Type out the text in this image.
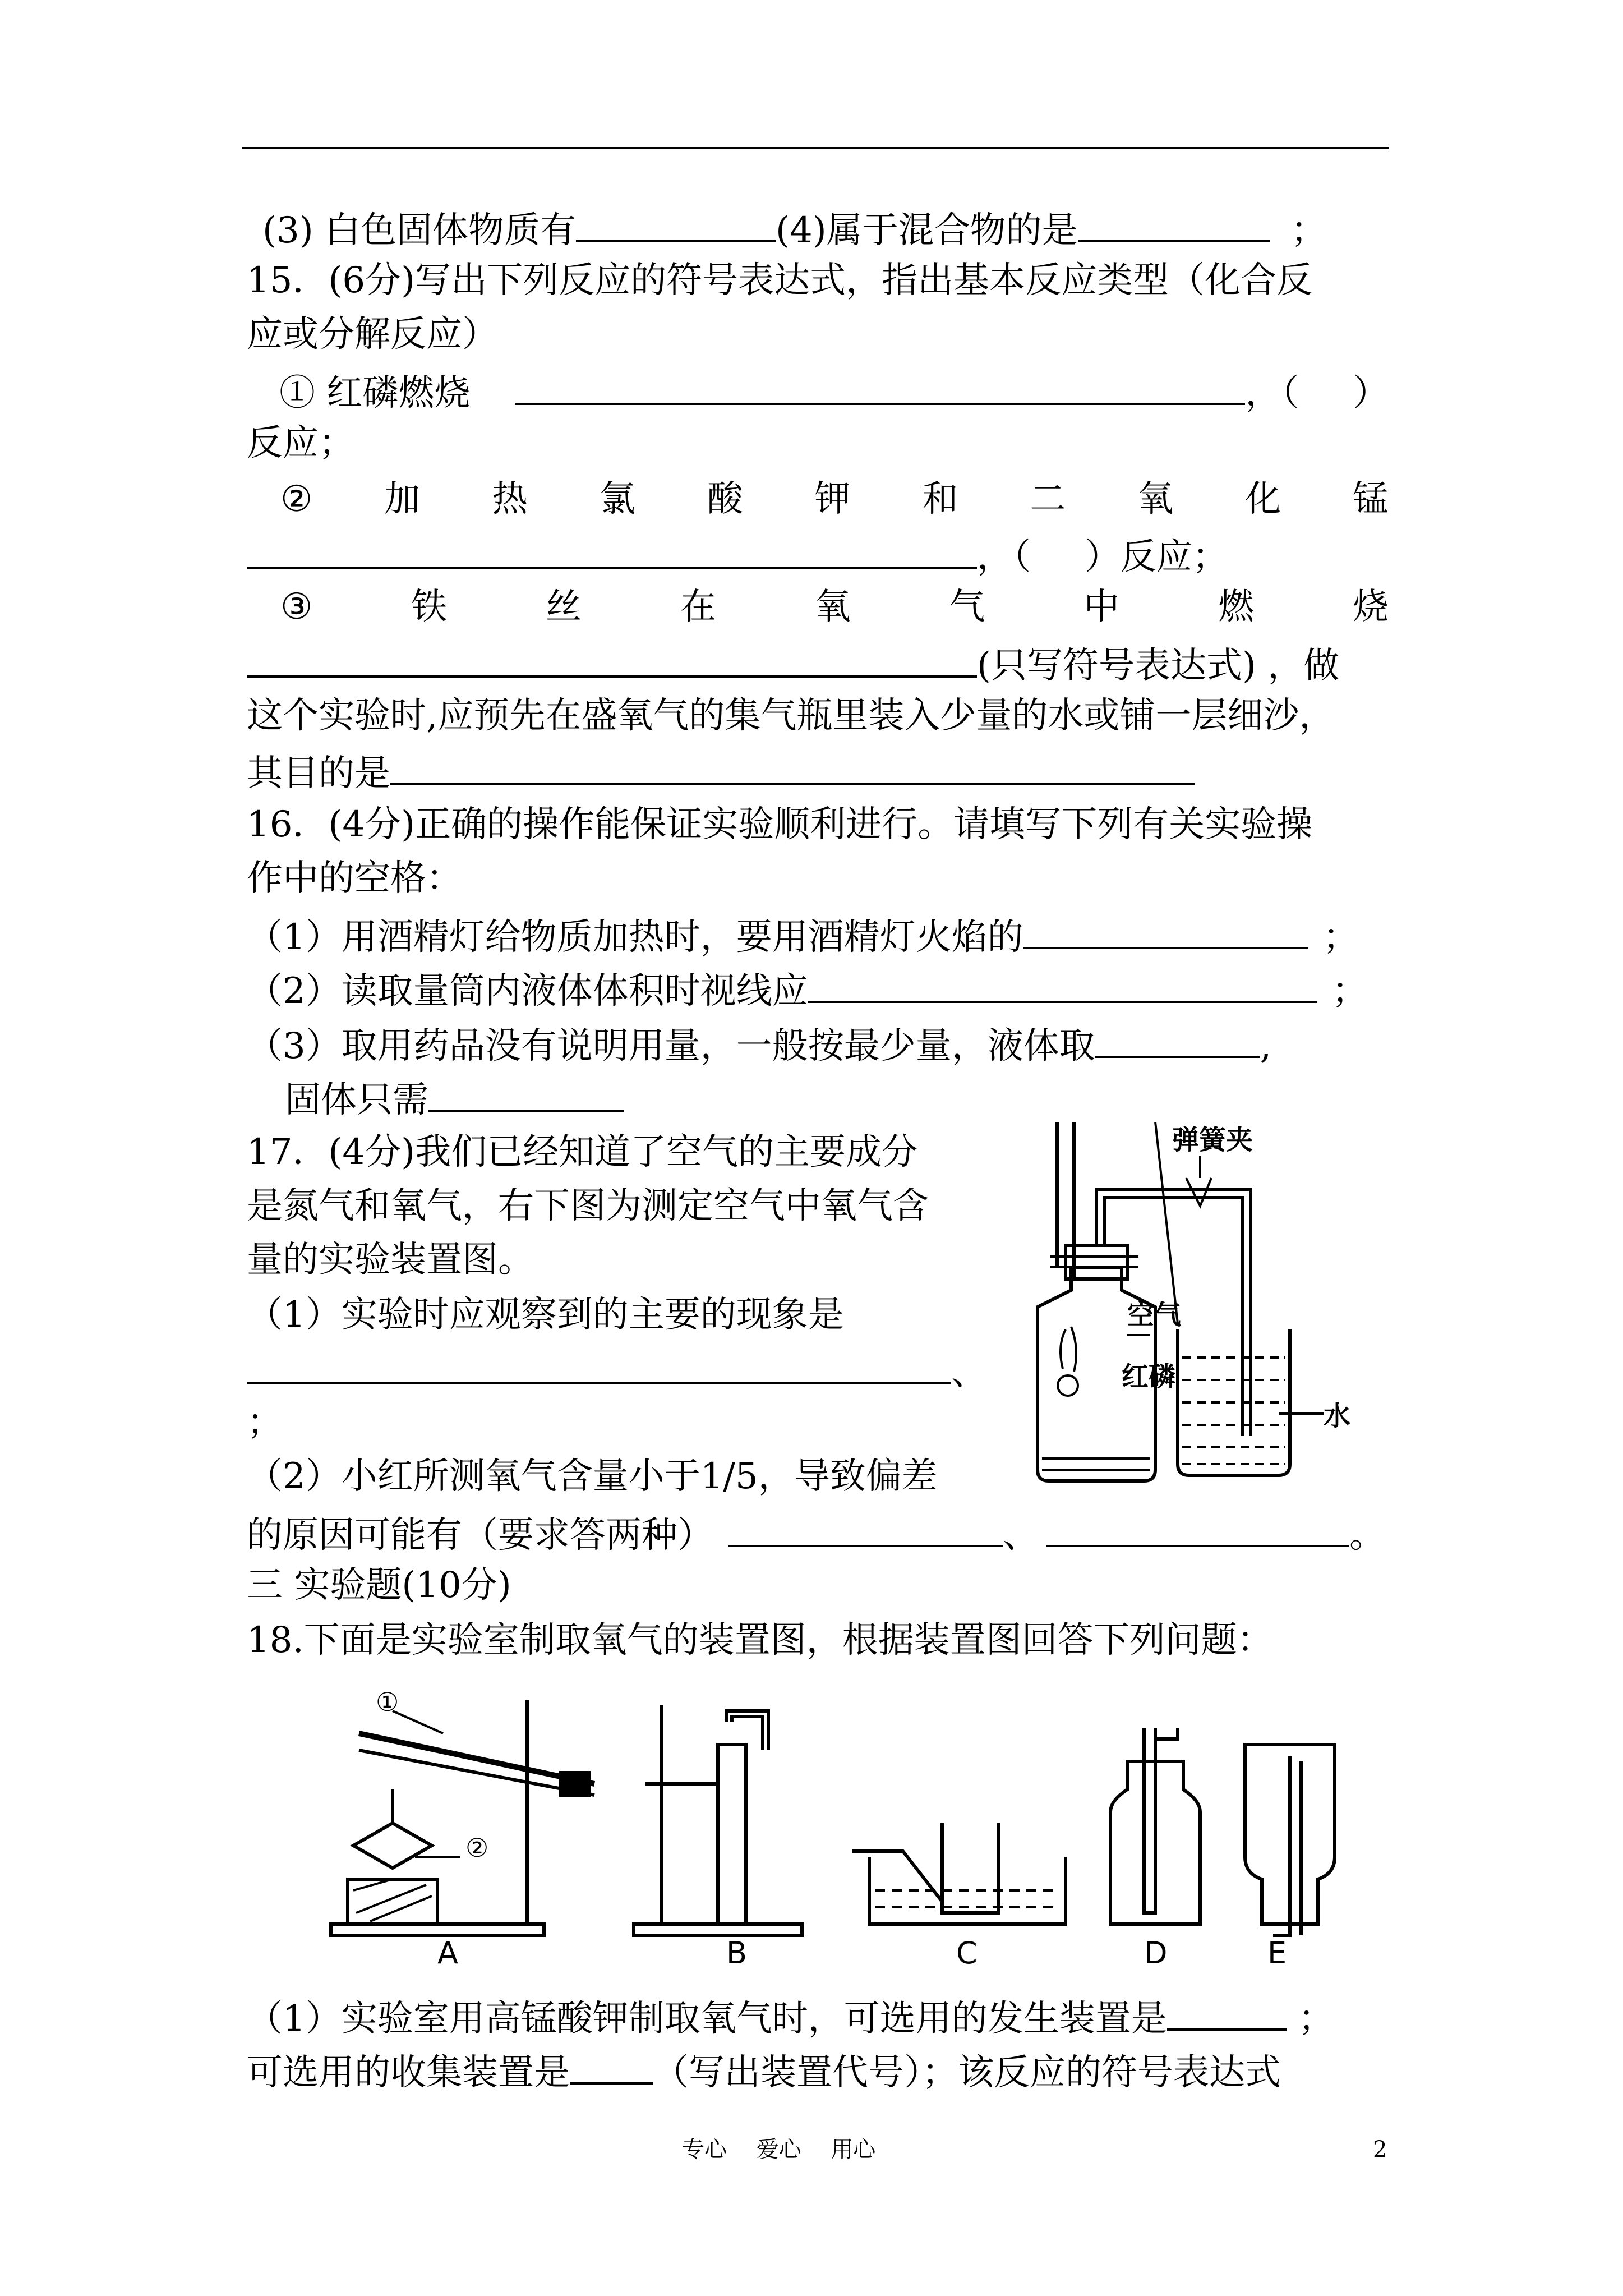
(3) 白色固体物质有	(4)属于混合物的是	；
15．(6分)写出下列反应的符号表达式，指出基本反应类型（化合反
应或分解反应）
① 红磷燃烧	，（ ）
反应；
② 加 热 氯 酸 钾 和 二 氧 化 锰
，（ ）反应；
③	铁	丝	在	氧	气	中	燃	烧
(只写符号表达式) ，做
这个实验时,应预先在盛氧气的集气瓶里装入少量的水或铺一层细沙，
其目的是
16．(4分)正确的操作能保证实验顺利进行。请填写下列有关实验操
作中的空格：
（1）用酒精灯给物质加热时，要用酒精灯火焰的	；
（2）读取量筒内液体体积时视线应	；
（3）取用药品没有说明用量，一般按最少量，液体取	,
固体只需
17．(4分)我们已经知道了空气的主要成分
是氮气和氧气，右下图为测定空气中氧气含
量的实验装置图。
（1）实验时应观察到的主要的现象是
、
；
（2）小红所测氧气含量小于1/5，导致偏差
的原因可能有（要求答两种）	、	。
弹簧夹
空气
红磷
水
三 实验题(10分)
18.下面是实验室制取氧气的装置图，根据装置图回答下列问题：
①
②
A	B	C	D	E
（1）实验室用高锰酸钾制取氧气时，可选用的发生装置是	；
可选用的收集装置是 （写出装置代号）；该反应的符号表达式
专心　 爱心　 用心	2
